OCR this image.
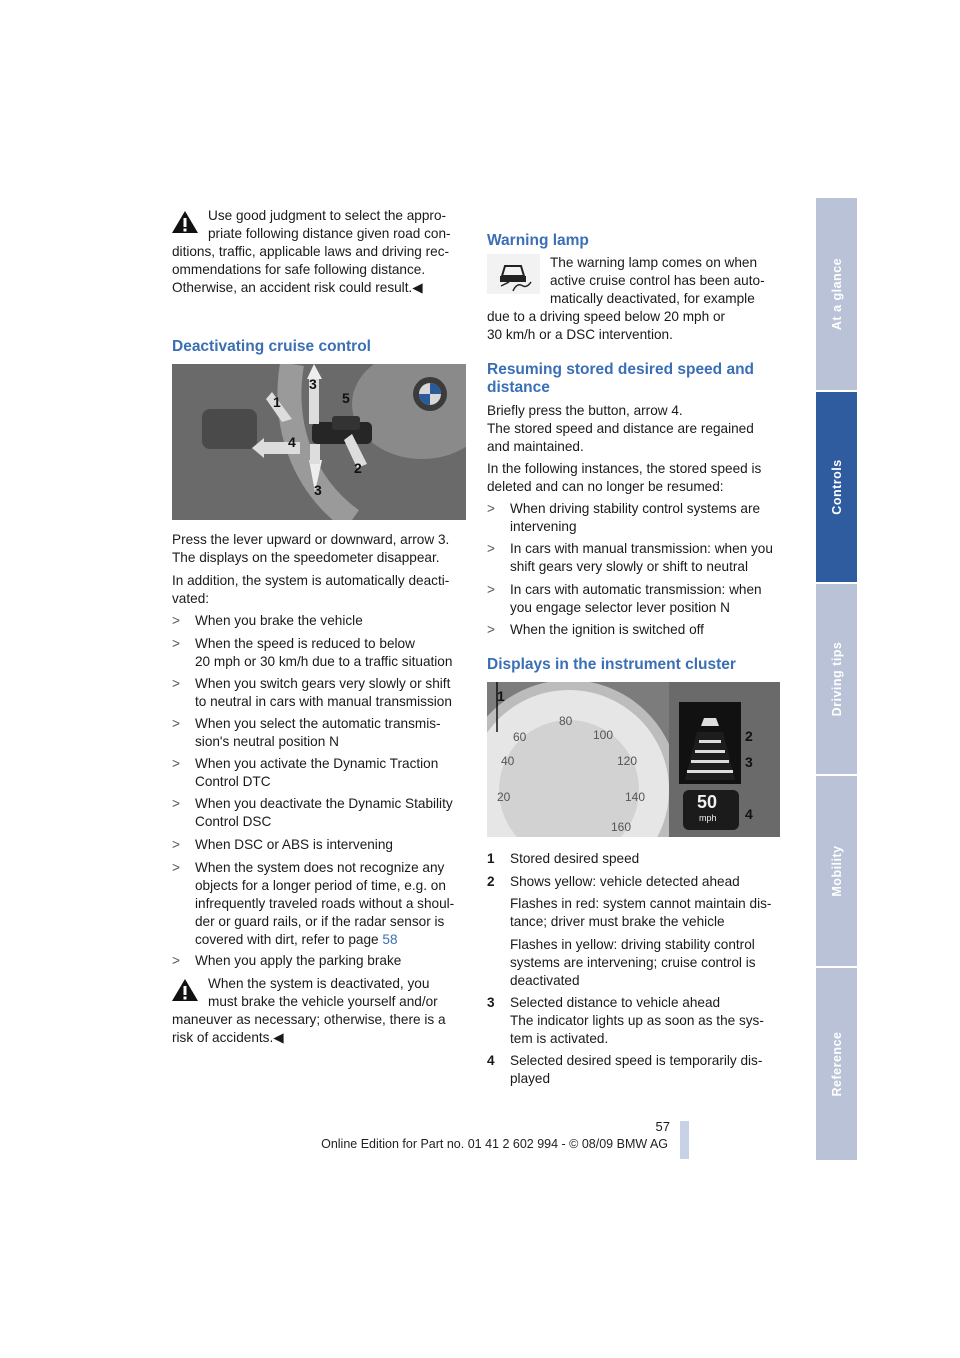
At a glance
Controls
Driving tips
Mobility
Reference
Use good judgment to select the appro-
priate following distance given road con-
ditions, traffic, applicable laws and driving rec-
ommendations for safe following distance.
Otherwise, an accident risk could result.◀
Deactivating cruise control
1
2
3
3
4
5
Press the lever upward or downward, arrow 3.
The displays on the speedometer disappear.
In addition, the system is automatically deacti-
vated:
> When you brake the vehicle
> When the speed is reduced to below
20 mph or 30 km/h due to a traffic situation
> When you switch gears very slowly or shift
to neutral in cars with manual transmission
> When you select the automatic transmis-
sion's neutral position N
> When you activate the Dynamic Traction
Control DTC
> When you deactivate the Dynamic Stability
Control DSC
> When DSC or ABS is intervening
> When the system does not recognize any
objects for a longer period of time, e.g. on
infrequently traveled roads without a shoul-
der or guard rails, or if the radar sensor is
covered with dirt, refer to page 58
> When you apply the parking brake
When the system is deactivated, you
must brake the vehicle yourself and/or
maneuver as necessary; otherwise, there is a
risk of accidents.◀
Warning lamp
The warning lamp comes on when
active cruise control has been auto-
matically deactivated, for example
due to a driving speed below 20 mph or
30 km/h or a DSC intervention.
Resuming stored desired speed and
distance
Briefly press the button, arrow 4.
The stored speed and distance are regained
and maintained.
In the following instances, the stored speed is
deleted and can no longer be resumed:
> When driving stability control systems are
intervening
> In cars with manual transmission: when you
shift gears very slowly or shift to neutral
> In cars with automatic transmission: when
you engage selector lever position N
> When the ignition is switched off
Displays in the instrument cluster
60
40
20
80
100
120
140
160
50
mph
1
2
3
4
1 Stored desired speed
2 Shows yellow: vehicle detected ahead
Flashes in red: system cannot maintain dis-
tance; driver must brake the vehicle
Flashes in yellow: driving stability control
systems are intervening; cruise control is
deactivated
3 Selected distance to vehicle ahead
The indicator lights up as soon as the sys-
tem is activated.
4 Selected desired speed is temporarily dis-
played
57
Online Edition for Part no. 01 41 2 602 994 - © 08/09 BMW AG
